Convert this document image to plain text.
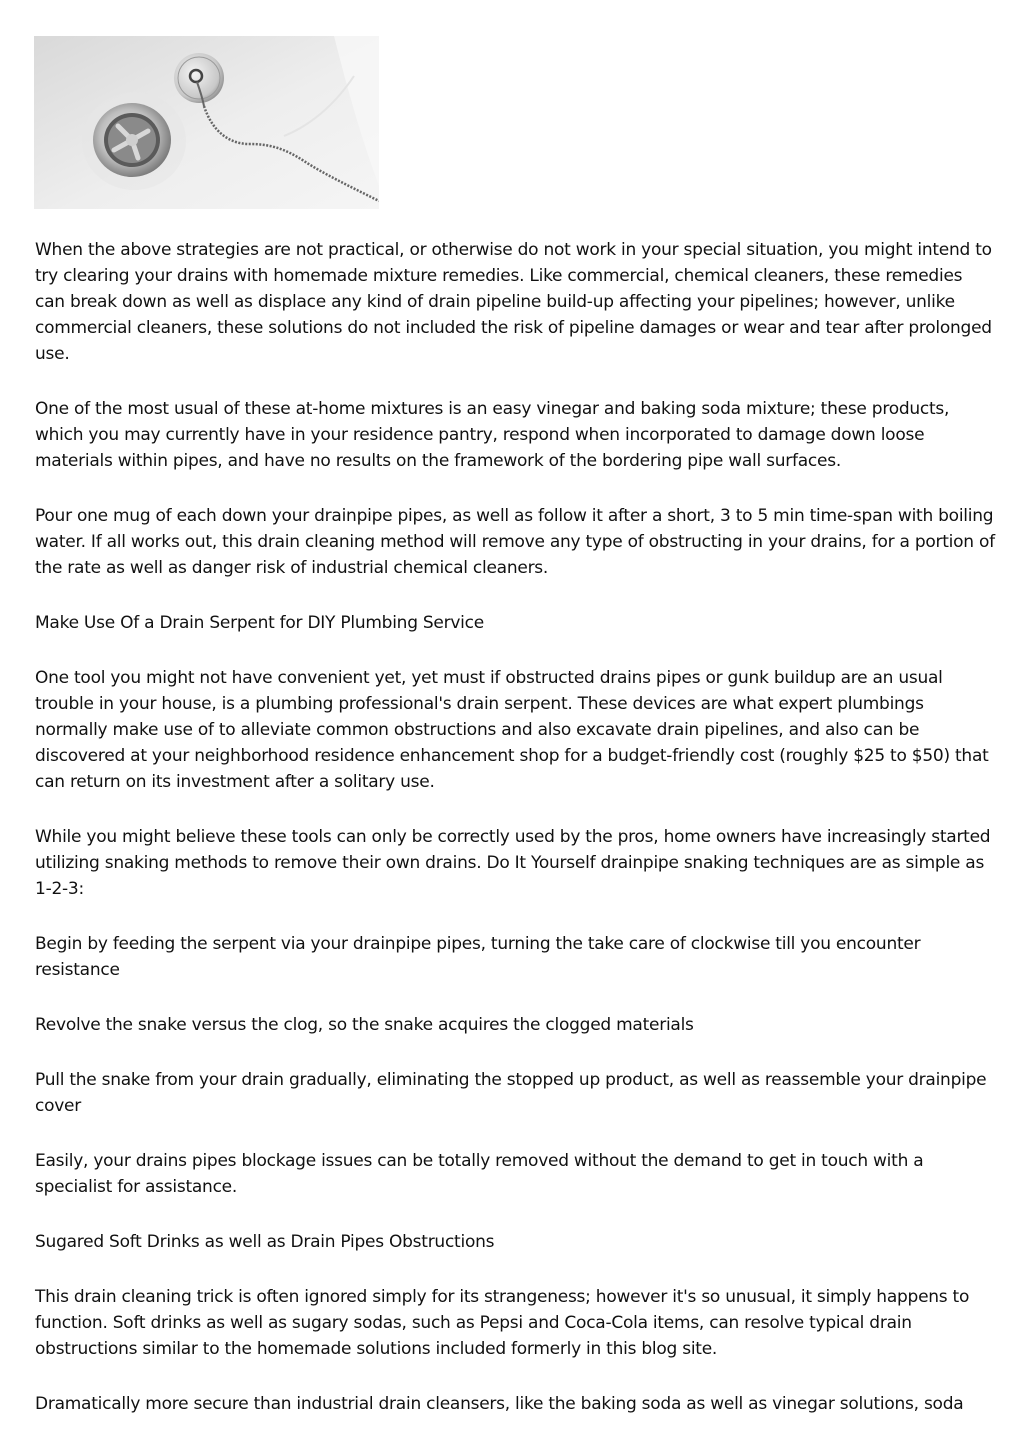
When the above strategies are not practical, or otherwise do not work in your special situation, you might intend to try clearing your drains with homemade mixture remedies. Like commercial, chemical cleaners, these remedies can break down as well as displace any kind of drain pipeline build-up affecting your pipelines; however, unlike commercial cleaners, these solutions do not included the risk of pipeline damages or wear and tear after prolonged use.

One of the most usual of these at-home mixtures is an easy vinegar and baking soda mixture; these products, which you may currently have in your residence pantry, respond when incorporated to damage down loose materials within pipes, and have no results on the framework of the bordering pipe wall surfaces.

Pour one mug of each down your drainpipe pipes, as well as follow it after a short, 3 to 5 min time-span with boiling water. If all works out, this drain cleaning method will remove any type of obstructing in your drains, for a portion of the rate as well as danger risk of industrial chemical cleaners.

Make Use Of a Drain Serpent for DIY Plumbing Service

One tool you might not have convenient yet, yet must if obstructed drains pipes or gunk buildup are an usual trouble in your house, is a plumbing professional's drain serpent. These devices are what expert plumbings normally make use of to alleviate common obstructions and also excavate drain pipelines, and also can be discovered at your neighborhood residence enhancement shop for a budget-friendly cost (roughly $25 to $50) that can return on its investment after a solitary use.

While you might believe these tools can only be correctly used by the pros, home owners have increasingly started utilizing snaking methods to remove their own drains. Do It Yourself drainpipe snaking techniques are as simple as 1-2-3:

Begin by feeding the serpent via your drainpipe pipes, turning the take care of clockwise till you encounter resistance

Revolve the snake versus the clog, so the snake acquires the clogged materials

Pull the snake from your drain gradually, eliminating the stopped up product, as well as reassemble your drainpipe cover

Easily, your drains pipes blockage issues can be totally removed without the demand to get in touch with a specialist for assistance.

Sugared Soft Drinks as well as Drain Pipes Obstructions

This drain cleaning trick is often ignored simply for its strangeness; however it's so unusual, it simply happens to function. Soft drinks as well as sugary sodas, such as Pepsi and Coca-Cola items, can resolve typical drain obstructions similar to the homemade solutions included formerly in this blog site.

Dramatically more secure than industrial drain cleansers, like the baking soda as well as vinegar solutions, soda
